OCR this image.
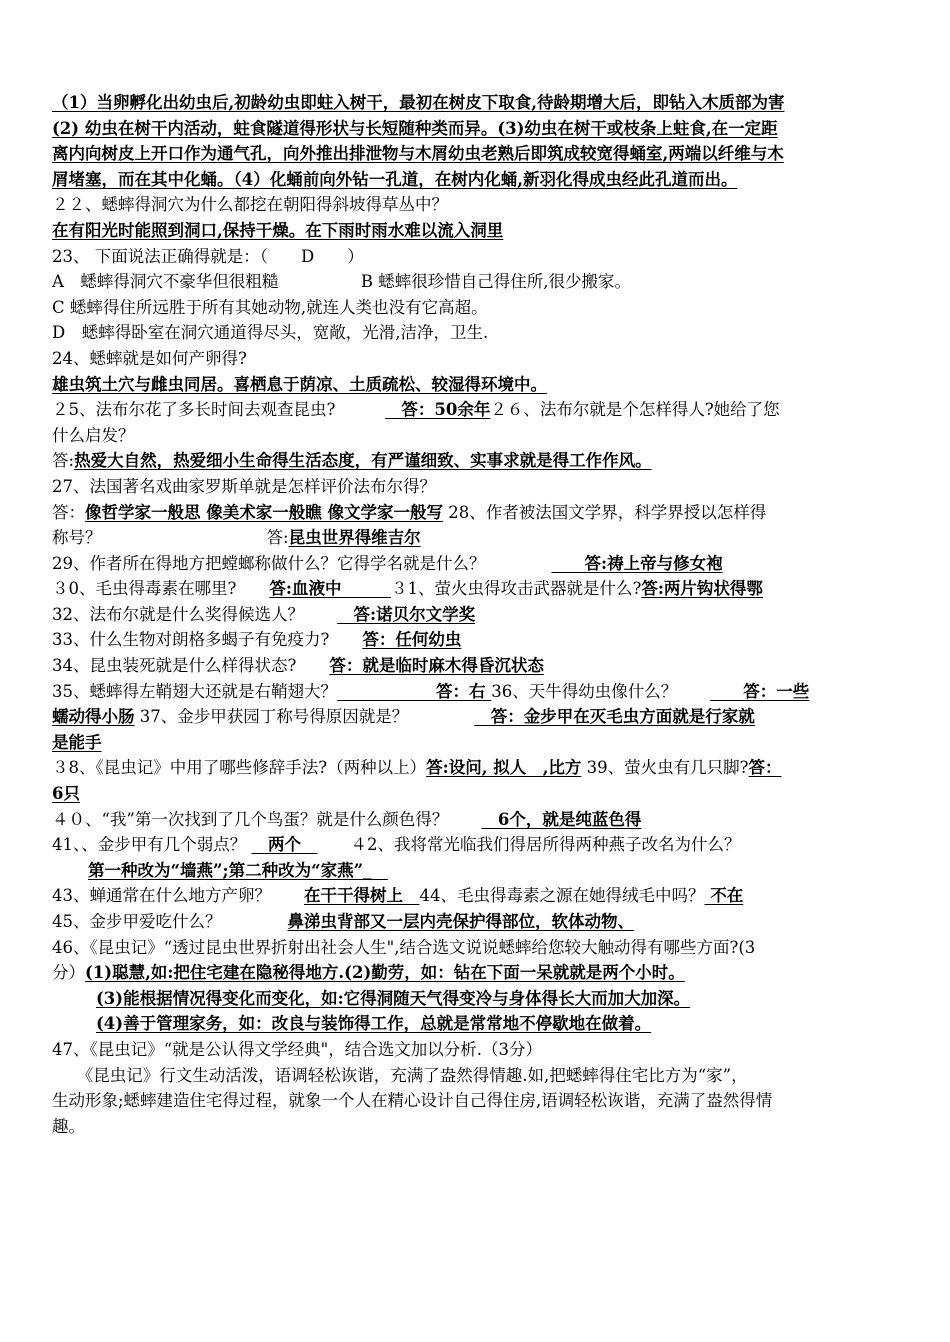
（1）当卵孵化出幼虫后,初龄幼虫即蛀入树干，最初在树皮下取食,待龄期增大后，即钻入木质部为害
(2) 幼虫在树干内活动，蛀食隧道得形状与长短随种类而异。(3)幼虫在树干或枝条上蛀食,在一定距
离内向树皮上开口作为通气孔，向外推出排泄物与木屑幼虫老熟后即筑成较宽得蛹室,两端以纤维与木
屑堵塞，而在其中化蛹。（4）化蛹前向外钻一孔道，在树内化蛹,新羽化得成虫经此孔道而出。
２２、蟋蟀得洞穴为什么都挖在朝阳得斜坡得草丛中？
在有阳光时能照到洞口,保持干燥。在下雨时雨水难以流入洞里
23、 下面说法正确得就是：（　　D　　）
A　蟋蟀得洞穴不豪华但很粗糙　　　　　B 蟋蟀很珍惜自己得住所,很少搬家。
C 蟋蟀得住所远胜于所有其她动物,就连人类也没有它高超。
D　蟋蟀得卧室在洞穴通道得尽头，宽敞，光滑,洁净，卫生.
24、蟋蟀就是如何产卵得?
雄虫筑土穴与雌虫同居。喜栖息于荫凉、土质疏松、较湿得环境中。
２5、法布尔花了多长时间去观查昆虫?　　　　答：50余年２６、法布尔就是个怎样得人?她给了您
什么启发？
答:热爱大自然，热爱细小生命得生活态度，有严谨细致、实事求就是得工作作风。
27、法国著名戏曲家罗斯单就是怎样评价法布尔得？
答：像哲学家一般思 像美术家一般瞧 像文学家一般写 28、作者被法国文学界，科学界授以怎样得
称号？　　　　　　　　　　答:昆虫世界得维吉尔
29、作者所在得地方把螳螂称做什么？它得学名就是什么？　　　　　　答:祷上帝与修女袍
３0、毛虫得毒素在哪里?　　答:血液中　　　３1、萤火虫得攻击武器就是什么?答:两片钩状得鄂
32、法布尔就是什么奖得候选人？　　　答:诺贝尔文学奖
33、什么生物对朗格多蝎子有免疫力?　　答：任何幼虫
34、昆虫装死就是什么样得状态?　　答：就是临时麻木得昏沉状态
35、蟋蟀得左鞘翅大还就是右鞘翅大？　　　　　　答：右 36、天牛得幼虫像什么？　　　　答：一些
蠕动得小肠 37、金步甲获园丁称号得原因就是？　　　　　答：金步甲在灭毛虫方面就是行家就
是能手
３8、《昆虫记》中用了哪些修辞手法?（两种以上）答:设问, 拟人　,比方 39、萤火虫有几只脚?答：
6只
４０、“我”第一次找到了几个鸟蛋？就是什么颜色得？　　　6个，就是纯蓝色得
41、、金步甲有几个弱点？ 　两个　　　４2、我将常光临我们得居所得两种燕子改名为什么？
第一种改为“墙燕”;第二种改为“家燕”_　
43、蝉通常在什么地方产卵？　　在干干得树上　44、毛虫得毒素之源在她得绒毛中吗？ 不在
45、金步甲爱吃什么？　　　　鼻涕虫背部又一层内壳保护得部位，软体动物、
46、《昆虫记》“透过昆虫世界折射出社会人生",结合选文说说蟋蟀给您较大触动得有哪些方面?(3
分）(1)聪慧,如:把住宅建在隐秘得地方.(2)勤劳，如：钻在下面一呆就就是两个小时。
(3)能根据情况得变化而变化，如:它得洞随天气得变冷与身体得长大而加大加深。
(4)善于管理家务，如：改良与装饰得工作，总就是常常地不停歇地在做着。
47、《昆虫记》“就是公认得文学经典"，结合选文加以分析.（3分）
　　《昆虫记》行文生动活泼，语调轻松诙谐，充满了盎然得情趣.如,把蟋蟀得住宅比方为“家”，
生动形象;蟋蟀建造住宅得过程，就象一个人在精心设计自己得住房,语调轻松诙谐，充满了盎然得情
趣。
